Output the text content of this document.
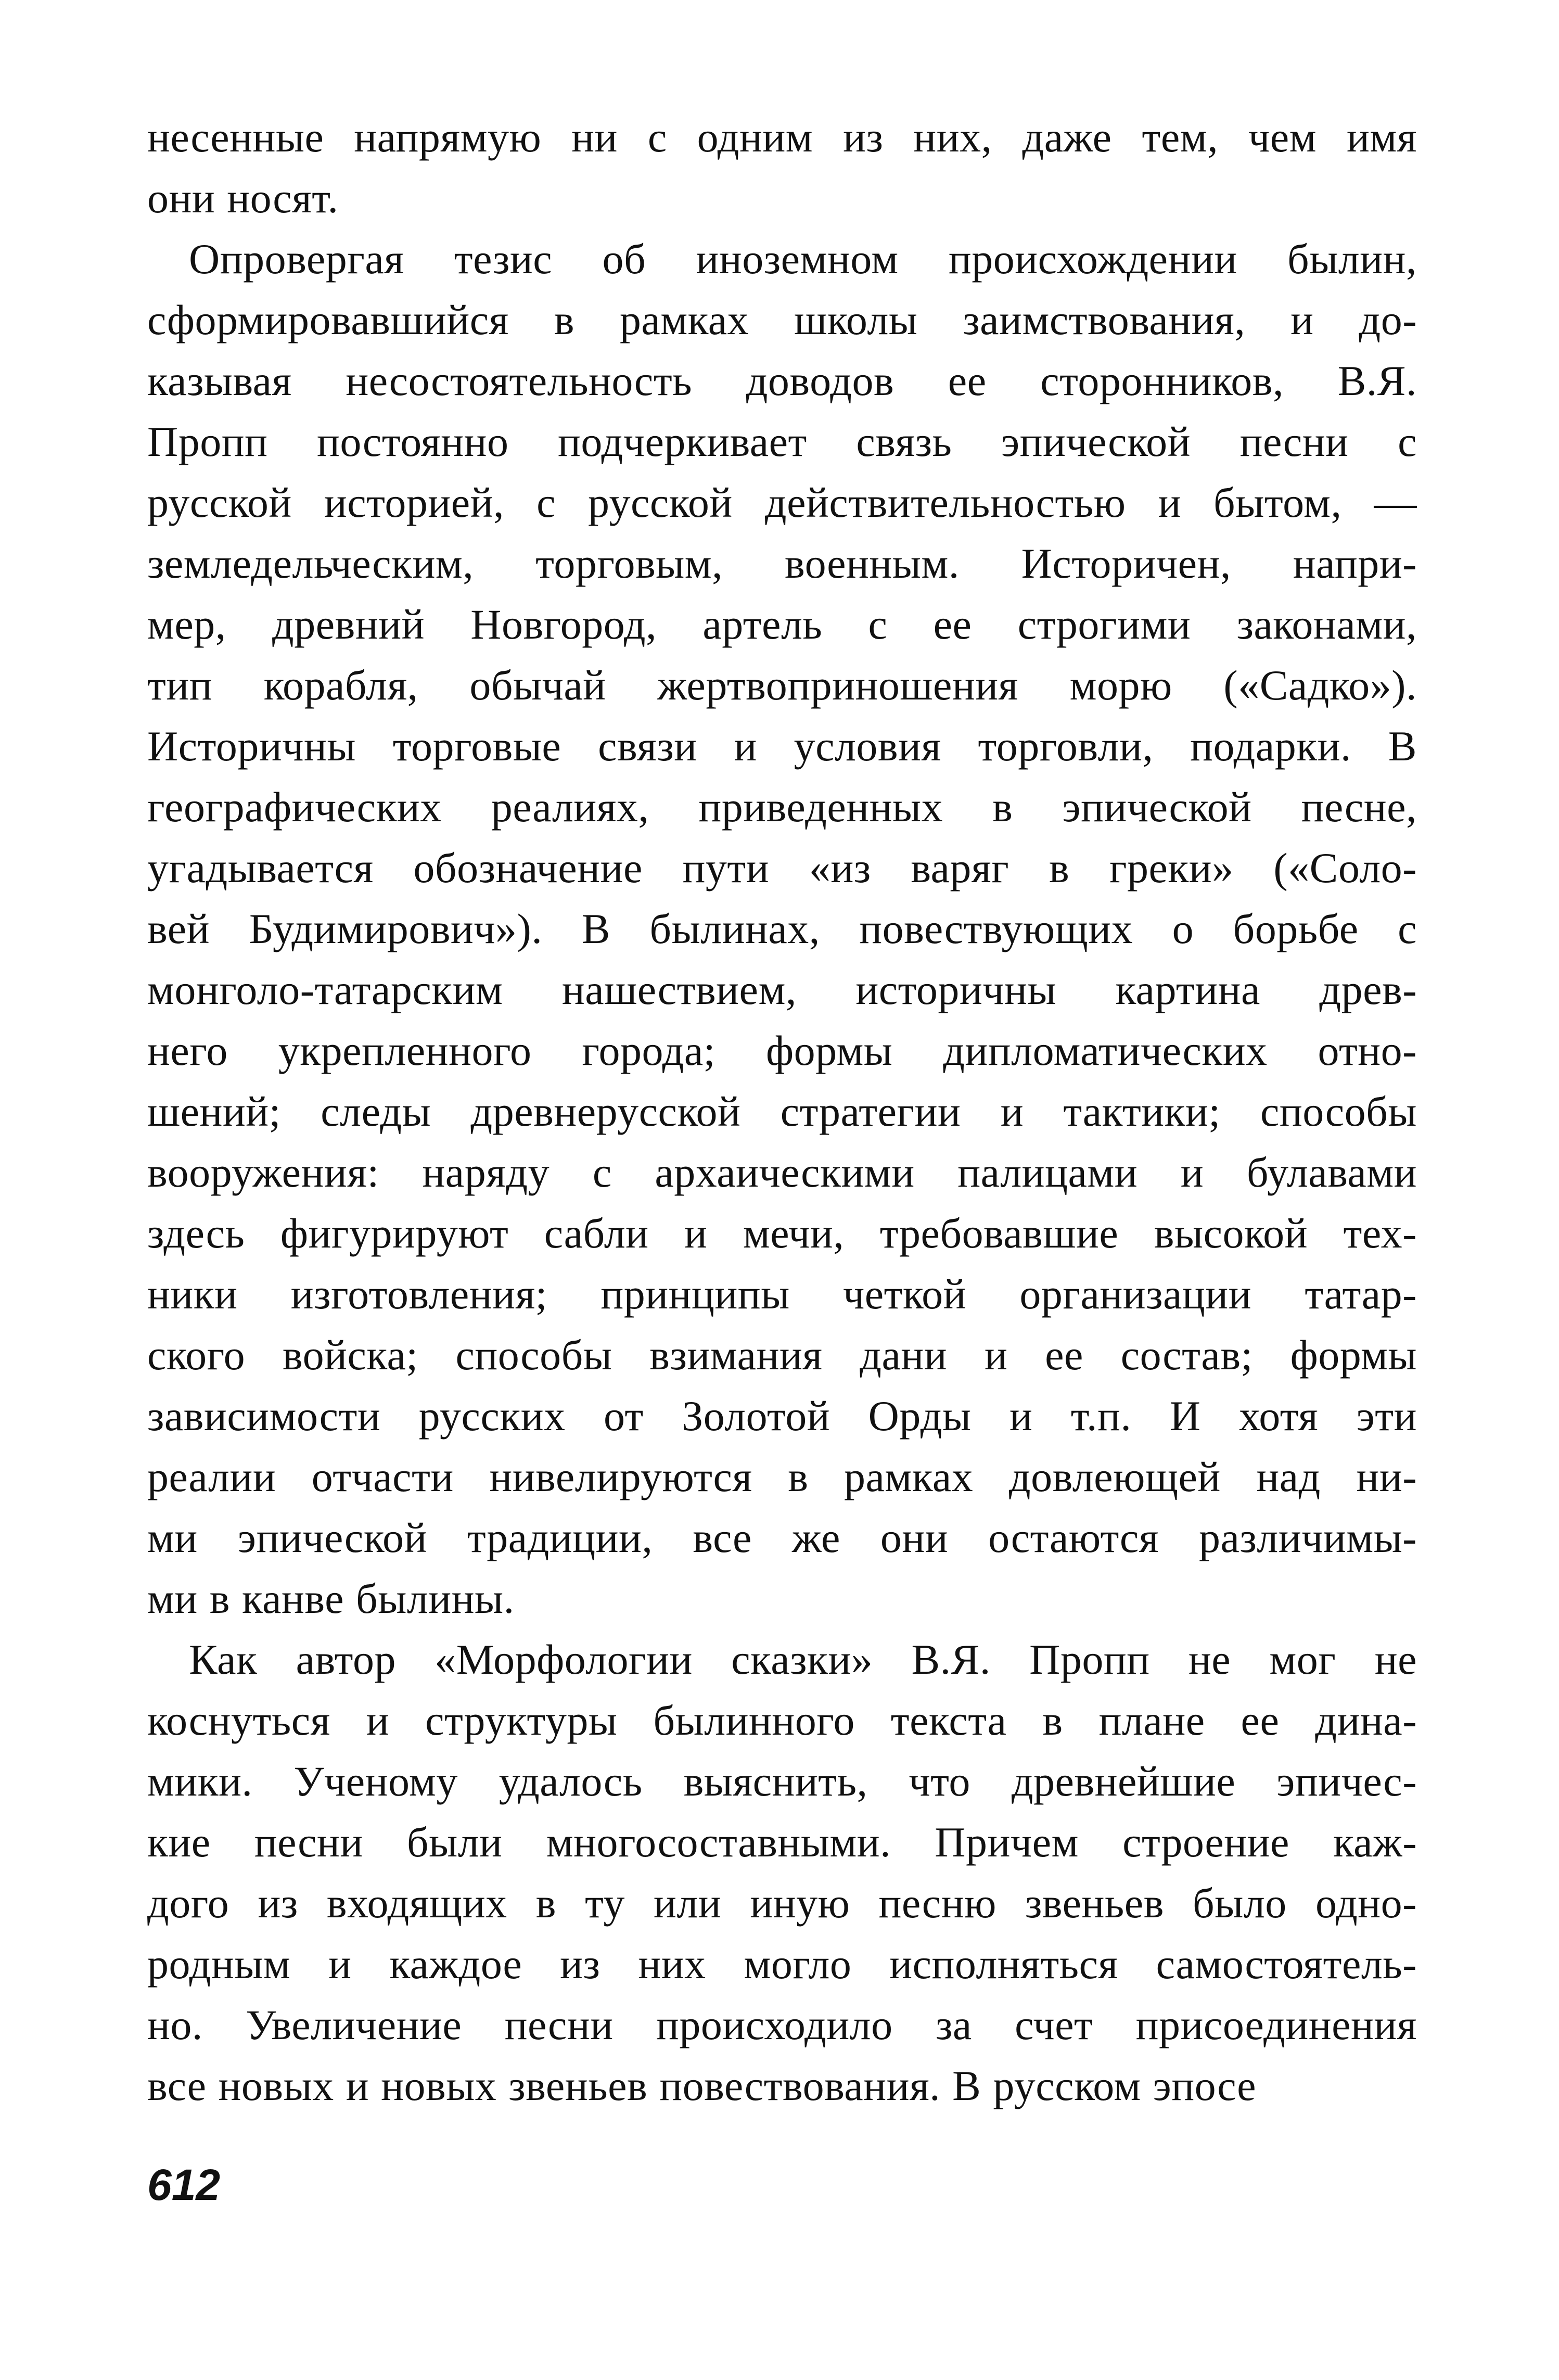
несенные напрямую ни с одним из них, даже тем, чем имя
они носят.
Опровергая тезис об иноземном происхождении былин,
сформировавшийся в рамках школы заимствования, и до-
казывая несостоятельность доводов ее сторонников, В.Я.
Пропп постоянно подчеркивает связь эпической песни с
русской историей, с русской действительностью и бытом, —
земледельческим, торговым, военным. Историчен, напри-
мер, древний Новгород, артель с ее строгими законами,
тип корабля, обычай жертвоприношения морю («Садко»).
Историчны торговые связи и условия торговли, подарки. В
географических реалиях, приведенных в эпической песне,
угадывается обозначение пути «из варяг в греки» («Соло-
вей Будимирович»). В былинах, повествующих о борьбе с
монголо-татарским нашествием, историчны картина древ-
него укрепленного города; формы дипломатических отно-
шений; следы древнерусской стратегии и тактики; способы
вооружения: наряду с архаическими палицами и булавами
здесь фигурируют сабли и мечи, требовавшие высокой тех-
ники изготовления; принципы четкой организации татар-
ского войска; способы взимания дани и ее состав; формы
зависимости русских от Золотой Орды и т.п. И хотя эти
реалии отчасти нивелируются в рамках довлеющей над ни-
ми эпической традиции, все же они остаются различимы-
ми в канве былины.
Как автор «Морфологии сказки» В.Я. Пропп не мог не
коснуться и структуры былинного текста в плане ее дина-
мики. Ученому удалось выяснить, что древнейшие эпичес-
кие песни были многосоставными. Причем строение каж-
дого из входящих в ту или иную песню звеньев было одно-
родным и каждое из них могло исполняться самостоятель-
но. Увеличение песни происходило за счет присоединения
все новых и новых звеньев повествования. В русском эпосе
612
